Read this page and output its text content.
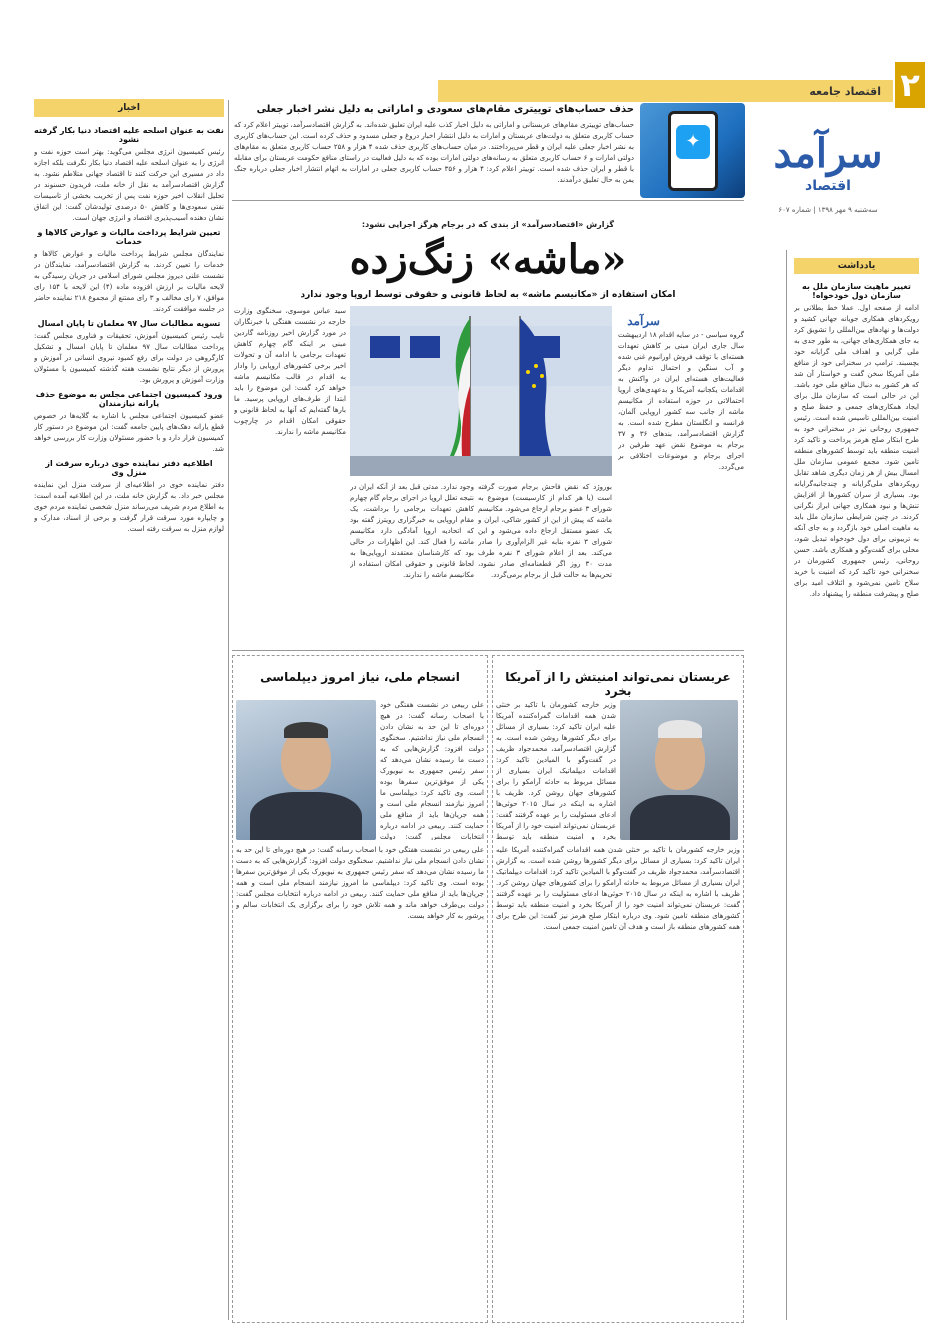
۲
اقتصاد جامعه
سرآمد
اقتصاد
سه‌شنبه ۹ مهر ۱۳۹۸ | شماره ۶۰۷
یادداشت
تغییر ماهیت سازمان ملل به سازمان دول خودخواه!

ادامه از صفحه اول. عملا خط بطلانی بر رویکردهای همکاری جویانه جهانی کشید و دولت‌ها و نهادهای بین‌المللی را تشویق کرد به جای همکاری‌های جهانی، به طور جدی به ملی گرایی و اهداف ملی گرایانه خود بچسبند. ترامپ در سخنرانی خود از منافع ملی آمریکا سخن گفت و خواستار آن شد که هر کشور به دنبال منافع ملی خود باشد. این در حالی است که سازمان ملل برای ایجاد همکاری‌های جمعی و حفظ صلح و امنیت بین‌المللی تاسیس شده است. رئیس جمهوری روحانی نیز در سخنرانی خود به طرح ابتکار صلح هرمز پرداخت و تاکید کرد امنیت منطقه باید توسط کشورهای منطقه تامین شود. مجمع عمومی سازمان ملل امسال بیش از هر زمان دیگری شاهد تقابل رویکردهای ملی‌گرایانه و چندجانبه‌گرایانه بود. بسیاری از سران کشورها از افزایش تنش‌ها و نبود همکاری جهانی ابراز نگرانی کردند. در چنین شرایطی سازمان ملل باید به ماهیت اصلی خود بازگردد و به جای آنکه به تریبونی برای دول خودخواه تبدیل شود، محلی برای گفت‌وگو و همکاری باشد. حسن روحانی، رئیس جمهوری کشورمان در سخنرانی خود تاکید کرد که امنیت با خرید سلاح تامین نمی‌شود و ائتلاف امید برای صلح و پیشرفت منطقه را پیشنهاد داد.

اخبار
نفت به عنوان اسلحه علیه اقتصاد دنیا بکار گرفته نشود

رئیس کمیسیون انرژی مجلس می‌گوید: بهتر است حوزه نفت و انرژی را به عنوان اسلحه علیه اقتصاد دنیا بکار نگرفت بلکه اجازه داد در مسیری این حرکت کنند تا اقتصاد جهانی متلاطم نشود. به گزارش اقتصادسرآمد به نقل از خانه ملت، فریدون حسنوند در تحلیل انقلاب اخیر حوزه نفت پس از تخریب بخشی از تاسیسات نفتی سعودی‌ها و کاهش ۵۰ درصدی تولیدشان گفت: این اتفاق نشان دهنده آسیب‌پذیری اقتصاد و انرژی جهان است.

تعیین شرایط پرداخت مالیات و عوارض کالاها و خدمات

نمایندگان مجلس شرایط پرداخت مالیات و عوارض کالاها و خدمات را تعیین کردند. به گزارش اقتصادسرآمد، نمایندگان در نشست علنی دیروز مجلس شورای اسلامی در جریان رسیدگی به لایحه مالیات بر ارزش افزوده ماده (۴) این لایحه با ۱۵۴ رای موافق، ۷ رای مخالف و ۳ رای ممتنع از مجموع ۲۱۸ نماینده حاضر در جلسه موافقت کردند.

تسویه مطالبات سال ۹۷ معلمان تا پایان امسال

نایب رئیس کمیسیون آموزش، تحقیقات و فناوری مجلس گفت: پرداخت مطالبات سال ۹۷ معلمان تا پایان امسال و تشکیل کارگروهی در دولت برای رفع کمبود نیروی انسانی در آموزش و پرورش از دیگر نتایج نشست هفته گذشته کمیسیون با مسئولان وزارت آموزش و پرورش بود.

ورود کمیسیون اجتماعی مجلس به موضوع حذف یارانه نیازمندان

عضو کمیسیون اجتماعی مجلس با اشاره به گلایه‌ها در خصوص قطع یارانه دهک‌های پایین جامعه گفت: این موضوع در دستور کار کمیسیون قرار دارد و با حضور مسئولان وزارت کار بررسی خواهد شد.

اطلاعیه دفتر نماینده خوی درباره سرقت از منزل وی

دفتر نماینده خوی در اطلاعیه‌ای از سرقت منزل این نماینده مجلس خبر داد. به گزارش خانه ملت، در این اطلاعیه آمده است: به اطلاع مردم شریف می‌رساند منزل شخصی نماینده مردم خوی و چایپاره مورد سرقت قرار گرفت و برخی از اسناد، مدارک و لوازم منزل به سرقت رفته است.

✦
حذف حساب‌های توییتری مقام‌های سعودی و اماراتی به دلیل نشر اخبار جعلی
حساب‌های توییتری مقام‌های عربستانی و اماراتی به دلیل اخبار کذب علیه ایران تعلیق شده‌اند. به گزارش اقتصادسرآمد، توییتر اعلام کرد که حساب کاربری متعلق به دولت‌های عربستان و امارات به دلیل انتشار اخبار دروغ و جعلی مسدود و حذف کرده است. این حساب‌های کاربری به نشر اخبار جعلی علیه ایران و قطر می‌پرداختند. در میان حساب‌های کاربری حذف شده ۴ هزار و ۲۵۸ حساب کاربری متعلق به مقام‌های دولتی امارات و ۶ حساب کاربری متعلق به رسانه‌های دولتی امارات بوده که به دلیل فعالیت در راستای منافع حکومت عربستان برای مقابله با قطر و ایران حذف شده است. توییتر اعلام کرد: ۴ هزار و ۳۵۶ حساب کاربری جعلی در امارات به اتهام انتشار اخبار جعلی درباره جنگ یمن به حال تعلیق درآمدند.
گزارش «اقتصادسرآمد» از بندی که در برجام هرگز اجرایی نشود:
«ماشه» زنگ‌زده
امکان استفاده از «مکانیسم ماشه» به لحاظ قانونی و حقوقی توسط اروپا وجود ندارد
سرآمد
گروه سیاسی - در سایه اقدام ۱۸ اردیبهشت سال جاری ایران مبنی بر کاهش تعهدات هسته‌ای با توقف فروش اورانیوم غنی شده و آب سنگین و احتمال تداوم دیگر فعالیت‌های هسته‌ای ایران در واکنش به اقدامات یکجانبه آمریکا و بدعهدی‌های اروپا احتمالاتی در حوزه استفاده از مکانیسم ماشه از جانب سه کشور اروپایی آلمان، فرانسه و انگلستان مطرح شده است. به گزارش اقتصادسرآمد، بندهای ۳۶ و ۳۷ برجام به موضوع نقض عهد طرفین در اجرای برجام و موضوعات اختلافی بر می‌گردد.
بوروژد که نقض فاحش برجام صورت گرفته است (یا هر کدام از کارسیست) موضوع به شورای ۳ عضو برجام ارجاع می‌شود. مکانیسم ماشه که پیش از این از کشور شاکی، ایران و یک عضو مستقل ارجاع داده می‌شود و این شورای ۳ نفره بنابه غیر الزام‌آوری را صادر می‌کند. بعد از اعلام شورای ۳ نفره طرف مدت ۳۰ روز اگر قطعنامه‌ای صادر نشود، تحریم‌ها به حالت قبل از برجام برمی‌گردد.
وجود ندارد. مدتی قبل بعد از آنکه ایران در نتیجه تعلل اروپا در اجرای برجام گام چهارم کاهش تعهدات برجامی را برداشت، یک مقام اروپایی به خبرگزاری رویترز گفته بود که اتحادیه اروپا آمادگی دارد مکانیسم ماشه را فعال کند. این اظهارات در حالی بود که کارشناسان معتقدند اروپایی‌ها به لحاظ قانونی و حقوقی امکان استفاده از مکانیسم ماشه را ندارند.
سید عباس موسوی، سخنگوی وزارت خارجه در نشست هفتگی با خبرنگاران در مورد گزارش اخیر روزنامه گاردین مبنی بر اینکه گام چهارم کاهش تعهدات برجامی با ادامه آن و تحولات اخیر برخی کشورهای اروپایی را وادار به اقدام در قالب مکانیسم ماشه خواهد کرد گفت: این موضوع را باید ابتدا از طرف‌های اروپایی پرسید. ما بارها گفته‌ایم که آنها به لحاظ قانونی و حقوقی امکان اقدام در چارچوب مکانیسم ماشه را ندارند.
عربستان نمی‌تواند امنیتش را از آمریکا بخرد
وزیر خارجه کشورمان با تاکید بر خنثی شدن همه اقدامات گمراه‌کننده آمریکا علیه ایران تاکید کرد: بسیاری از مسائل برای دیگر کشورها روشن شده است. به گزارش اقتصادسرآمد، محمدجواد ظریف در گفت‌وگو با المیادین تاکید کرد: اقدامات دیپلماتیک ایران بسیاری از مسائل مربوط به حادثه آرامکو را برای کشورهای جهان روشن کرد. ظریف با اشاره به اینکه در سال ۲۰۱۵ حوثی‌ها ادعای مسئولیت را بر عهده گرفتند گفت: عربستان نمی‌تواند امنیت خود را از آمریکا بخرد و امنیت منطقه باید توسط
وزیر خارجه کشورمان با تاکید بر خنثی شدن همه اقدامات گمراه‌کننده آمریکا علیه ایران تاکید کرد: بسیاری از مسائل برای دیگر کشورها روشن شده است. به گزارش اقتصادسرآمد، محمدجواد ظریف در گفت‌وگو با المیادین تاکید کرد: اقدامات دیپلماتیک ایران بسیاری از مسائل مربوط به حادثه آرامکو را برای کشورهای جهان روشن کرد. ظریف با اشاره به اینکه در سال ۲۰۱۵ حوثی‌ها ادعای مسئولیت را بر عهده گرفتند گفت: عربستان نمی‌تواند امنیت خود را از آمریکا بخرد و امنیت منطقه باید توسط کشورهای منطقه تامین شود. وی درباره ابتکار صلح هرمز نیز گفت: این طرح برای همه کشورهای منطقه باز است و هدف آن تامین امنیت جمعی است.
انسجام ملی، نیاز امروز دیپلماسی
علی ربیعی در نشست هفتگی خود با اصحاب رسانه گفت: در هیچ دوره‌ای تا این حد به نشان دادن انسجام ملی نیاز نداشتیم. سخنگوی دولت افزود: گزارش‌هایی که به دست ما رسیده نشان می‌دهد که سفر رئیس جمهوری به نیویورک یکی از موفق‌ترین سفرها بوده است. وی تاکید کرد: دیپلماسی ما امروز نیازمند انسجام ملی است و همه جریان‌ها باید از منافع ملی حمایت کنند. ربیعی در ادامه درباره انتخابات مجلس گفت: دولت
علی ربیعی در نشست هفتگی خود با اصحاب رسانه گفت: در هیچ دوره‌ای تا این حد به نشان دادن انسجام ملی نیاز نداشتیم. سخنگوی دولت افزود: گزارش‌هایی که به دست ما رسیده نشان می‌دهد که سفر رئیس جمهوری به نیویورک یکی از موفق‌ترین سفرها بوده است. وی تاکید کرد: دیپلماسی ما امروز نیازمند انسجام ملی است و همه جریان‌ها باید از منافع ملی حمایت کنند. ربیعی در ادامه درباره انتخابات مجلس گفت: دولت بی‌طرف خواهد ماند و همه تلاش خود را برای برگزاری یک انتخابات سالم و پرشور به کار خواهد بست.
